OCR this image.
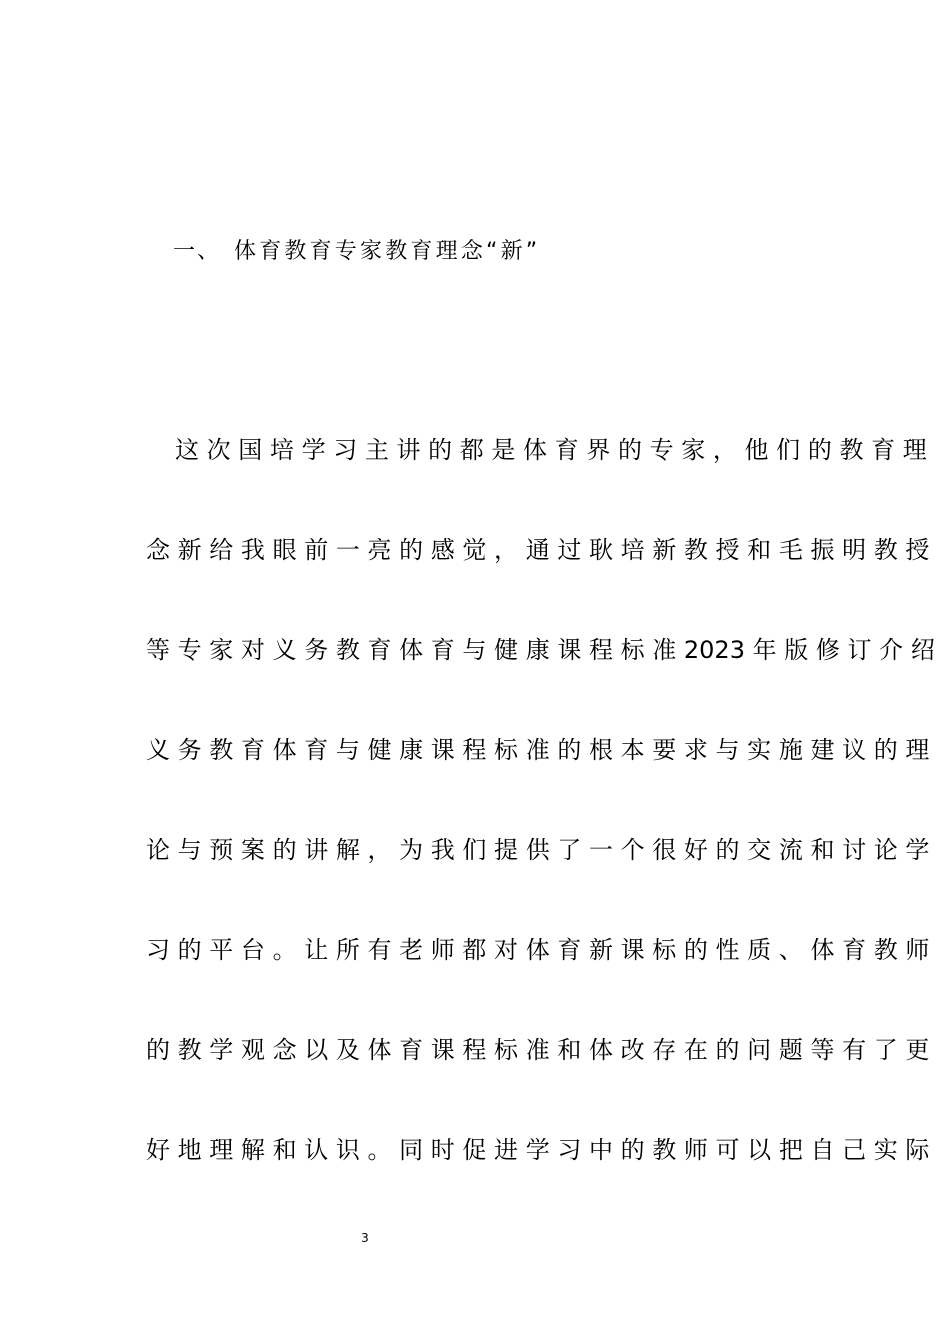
一、 体育教育专家教育理念“新”
这 次 国 培 学 习 主 讲 的 都 是 体 育 界 的 专 家 ， 他 们 的 教 育 理
念 新 给 我 眼 前 一 亮 的 感 觉 ， 通 过 耿 培 新 教 授 和 毛 振 明 教 授
等 专 家 对 义 务 教 育 体 育 与 健 康 课 程 标 准 2023 年 版 修 订 介 绍
义 务 教 育 体 育 与 健 康 课 程 标 准 的 根 本 要 求 与 实 施 建 议 的 理
论 与 预 案 的 讲 解 ， 为 我 们 提 供 了 一 个 很 好 的 交 流 和 讨 论 学
习 的 平 台 。 让 所 有 老 师 都 对 体 育 新 课 标 的 性 质 、 体 育 教 师
的 教 学 观 念 以 及 体 育 课 程 标 准 和 体 改 存 在 的 问 题 等 有 了 更
好 地 理 解 和 认 识 。 同 时 促 进 学 习 中 的 教 师 可 以 把 自 己 实 际
3
